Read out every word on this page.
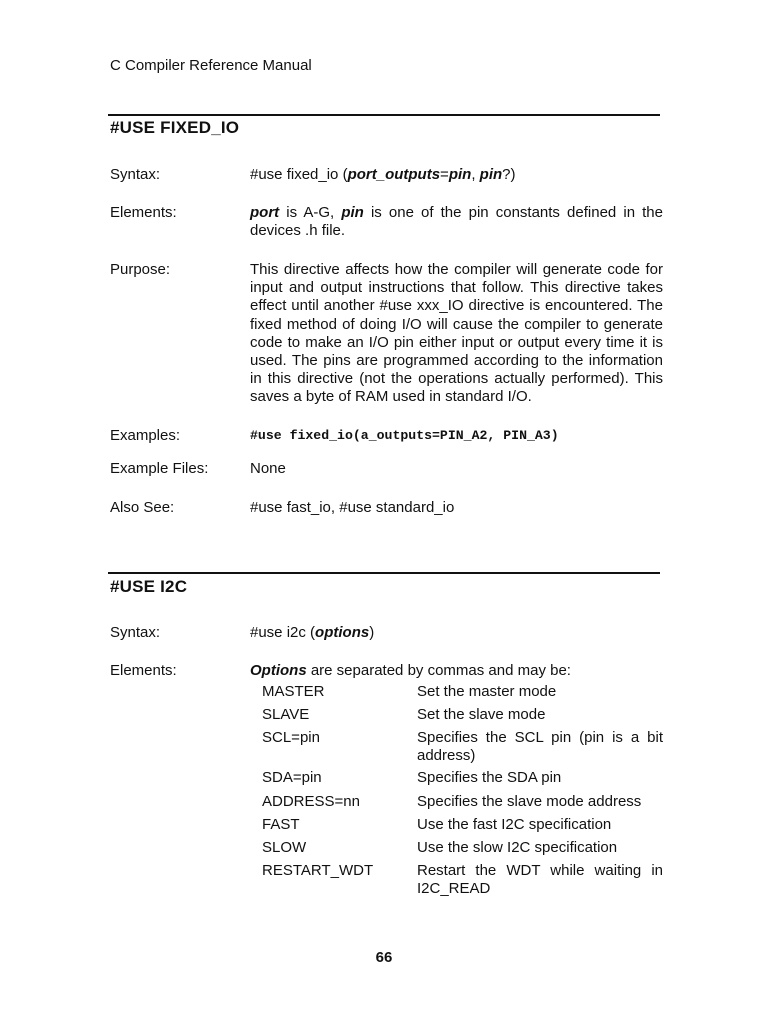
C Compiler Reference Manual
#USE FIXED_IO
Syntax:	#use fixed_io (port_outputs=pin, pin?)
Elements:	port is A-G, pin is one of the pin constants defined in the devices .h file.
Purpose:	This directive affects how the compiler will generate code for input and output instructions that follow. This directive takes effect until another #use xxx_IO directive is encountered. The fixed method of doing I/O will cause the compiler to generate code to make an I/O pin either input or output every time it is used. The pins are programmed according to the information in this directive (not the operations actually performed). This saves a byte of RAM used in standard I/O.
Examples:	#use fixed_io(a_outputs=PIN_A2, PIN_A3)
Example Files:	None
Also See:	#use fast_io, #use standard_io
#USE I2C
Syntax:	#use i2c (options)
Elements:	Options are separated by commas and may be:
MASTER	Set the master mode
SLAVE	Set the slave mode
SCL=pin	Specifies the SCL pin (pin is a bit address)
SDA=pin	Specifies the SDA pin
ADDRESS=nn	Specifies the slave mode address
FAST	Use the fast I2C specification
SLOW	Use the slow I2C specification
RESTART_WDT	Restart the WDT while waiting in I2C_READ
66
